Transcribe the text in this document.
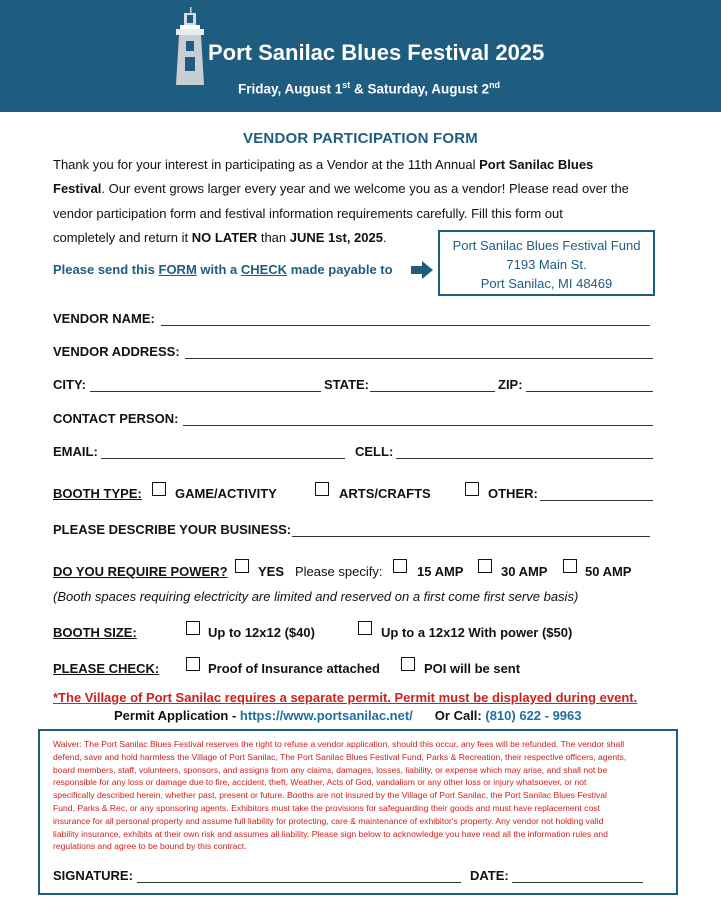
Port Sanilac Blues Festival 2025
Friday, August 1st & Saturday, August 2nd
VENDOR PARTICIPATION FORM
Thank you for your interest in participating as a Vendor at the 11th Annual Port Sanilac Blues
Festival. Our event grows larger every year and we welcome you as a vendor! Please read over the
vendor participation form and festival information requirements carefully. Fill this form out
completely and return it NO LATER than JUNE 1st, 2025.
Please send this FORM with a CHECK made payable to
Port Sanilac Blues Festival Fund
7193 Main St.
Port Sanilac, MI 48469
VENDOR NAME:
VENDOR ADDRESS:
CITY:	STATE:	ZIP:
CONTACT PERSON:
EMAIL:	CELL:
BOOTH TYPE:	GAME/ACTIVITY	ARTS/CRAFTS	OTHER:
PLEASE DESCRIBE YOUR BUSINESS:
DO YOU REQUIRE POWER? YES Please specify:	15 AMP	30 AMP	50 AMP
(Booth spaces requiring electricity are limited and reserved on a first come first serve basis)
BOOTH SIZE:	Up to 12x12 ($40)	Up to a 12x12 With power ($50)
PLEASE CHECK:	Proof of Insurance attached	POI will be sent
*The Village of Port Sanilac requires a separate permit. Permit must be displayed during event.
Permit Application - https://www.portsanilac.net/ Or Call: (810) 622 - 9963
Waiver: The Port Sanilac Blues Festival reserves the right to refuse a vendor application, should this occur, any fees will be refunded. The vendor shall
defend, save and hold harmless the Village of Port Sanilac, The Port Sanilac Blues Festival Fund, Parks & Recreation, their respective officers, agents,
board members, staff, volunteers, sponsors, and assigns from any claims, damages, losses, liability, or expense which may arise, and shall not be
responsible for any loss or damage due to fire, accident, theft, Weather, Acts of God, vandalism or any other loss or injury whatsoever, or not
specifically described herein, whether past, present or future. Booths are not insured by the Village of Port Sanilac, the Port Sanilac Blues Festival
Fund, Parks & Rec, or any sponsoring agents. Exhibitors must take the provisions for safeguarding their goods and must have replacement cost
insurance for all personal property and assume full liability for protecting, care & maintenance of exhibitor's property. Any vendor not holding valid
liability insurance, exhibits at their own risk and assumes all liability. Please sign below to acknowledge you have read all the information rules and
regulations and agree to be bound by this contract.
SIGNATURE:	DATE:
